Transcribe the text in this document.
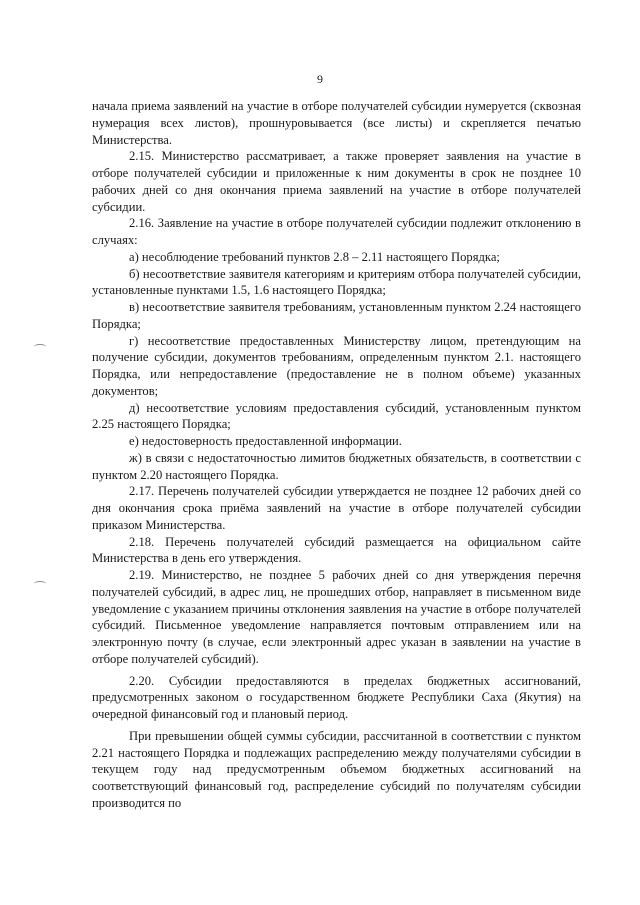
9

начала приема заявлений на участие в отборе получателей субсидии нумеруется (сквозная нумерация всех листов), прошнуровывается (все листы) и скрепляется печатью Министерства.

2.15. Министерство рассматривает, а также проверяет заявления на участие в отборе получателей субсидии и приложенные к ним документы в срок не позднее 10 рабочих дней со дня окончания приема заявлений на участие в отборе получателей субсидии.

2.16. Заявление на участие в отборе получателей субсидии подлежит отклонению в случаях:

а) несоблюдение требований пунктов 2.8 – 2.11 настоящего Порядка;

б) несоответствие заявителя категориям и критериям отбора получателей субсидии, установленные пунктами 1.5, 1.6 настоящего Порядка;

в) несоответствие заявителя требованиям, установленным пунктом 2.24 настоящего Порядка;

г) несоответствие предоставленных Министерству лицом, претендующим на получение субсидии, документов требованиям, определенным пунктом 2.1. настоящего Порядка, или непредоставление (предоставление не в полном объеме) указанных документов;

д) несоответствие условиям предоставления субсидий, установленным пунктом 2.25 настоящего Порядка;

е) недостоверность предоставленной информации.

ж) в связи с недостаточностью лимитов бюджетных обязательств, в соответствии с пунктом 2.20 настоящего Порядка.

2.17. Перечень получателей субсидии утверждается не позднее 12 рабочих дней со дня окончания срока приёма заявлений на участие в отборе получателей субсидии приказом Министерства.

2.18. Перечень получателей субсидий размещается на официальном сайте Министерства в день его утверждения.

2.19. Министерство, не позднее 5 рабочих дней со дня утверждения перечня получателей субсидий, в адрес лиц, не прошедших отбор, направляет в письменном виде уведомление с указанием причины отклонения заявления на участие в отборе получателей субсидий. Письменное уведомление направляется почтовым отправлением или на электронную почту (в случае, если электронный адрес указан в заявлении на участие в отборе получателей субсидий).

2.20. Субсидии предоставляются в пределах бюджетных ассигнований, предусмотренных законом о государственном бюджете Республики Саха (Якутия) на очередной финансовый год и плановый период.

При превышении общей суммы субсидии, рассчитанной в соответствии с пунктом 2.21 настоящего Порядка и подлежащих распределению между получателями субсидии в текущем году над предусмотренным объемом бюджетных ассигнований на соответствующий финансовый год, распределение субсидий по получателям субсидии производится по
